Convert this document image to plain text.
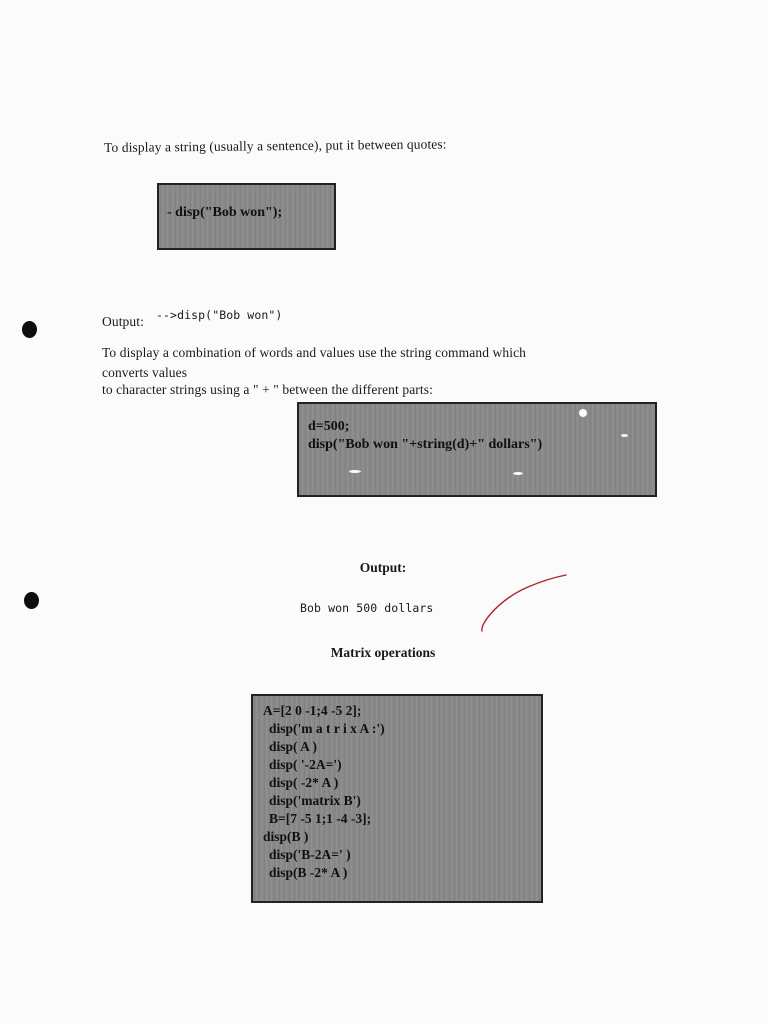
To display a string (usually a sentence), put it between quotes:
- disp("Bob won");
Output: -->disp("Bob won")
To display a combination of words and values use the string command which
converts values
to character strings using a " + " between the different parts:
d=500;
disp("Bob won "+string(d)+" dollars")
Output:
Bob won 500 dollars
Matrix operations
A=[2 0 -1;4 -5 2];
disp('m a t r i x A :')
disp( A )
disp( '-2A=')
disp( -2* A )
disp('matrix B')
B=[7 -5 1;1 -4 -3];
disp(B )
disp('B-2A=' )
disp(B -2* A )
